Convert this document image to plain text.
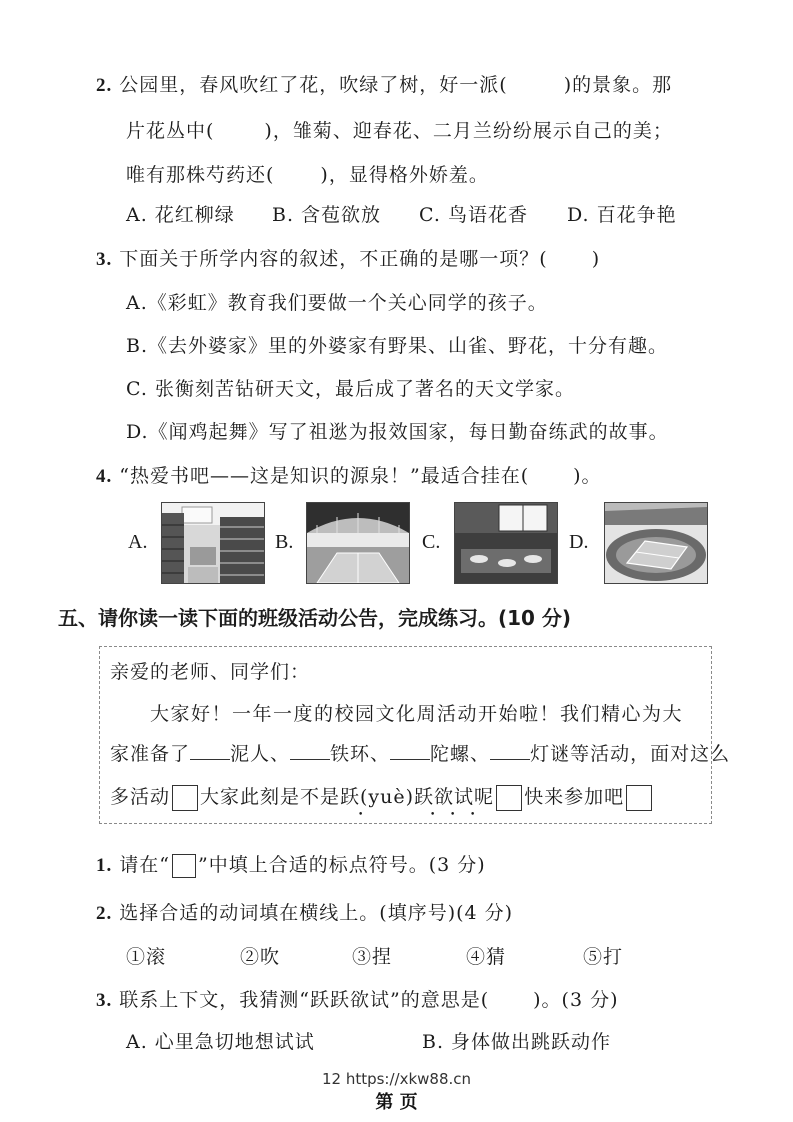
2. 公园里，春风吹红了花，吹绿了树，好一派(	)的景象。那
片花丛中(	)，雏菊、迎春花、二月兰纷纷展示自己的美；
唯有那株芍药还( )，显得格外娇羞。
A. 花红柳绿 B. 含苞欲放 C. 鸟语花香 D. 百花争艳
3. 下面关于所学内容的叙述，不正确的是哪一项？( )
A.《彩虹》教育我们要做一个关心同学的孩子。
B.《去外婆家》里的外婆家有野果、山雀、野花，十分有趣。
C. 张衡刻苦钻研天文，最后成了著名的天文学家。
D.《闻鸡起舞》写了祖逖为报效国家，每日勤奋练武的故事。
4. “热爱书吧——这是知识的源泉！”最适合挂在( )。
A.	B.	C.	D.
五、请你读一读下面的班级活动公告，完成练习。(10 分)
亲爱的老师、同学们：
大家好！一年一度的校园文化周活动开始啦！我们精心为大
家准备了 泥人、 铁环、 陀螺、 灯谜等活动，面对这么
多活动 大家此刻是不是跃(yuè)跃欲试呢 快来参加吧
•	• • •
1. 请在“ ”中填上合适的标点符号。(3 分)
2. 选择合适的动词填在横线上。(填序号)(4 分)
①滚	②吹	③捏	④猜	⑤打
3. 联系上下文，我猜测“跃跃欲试”的意思是( )。(3 分)
A. 心里急切地想试试	B. 身体做出跳跃动作
12 https://xkw88.cn
第 页
